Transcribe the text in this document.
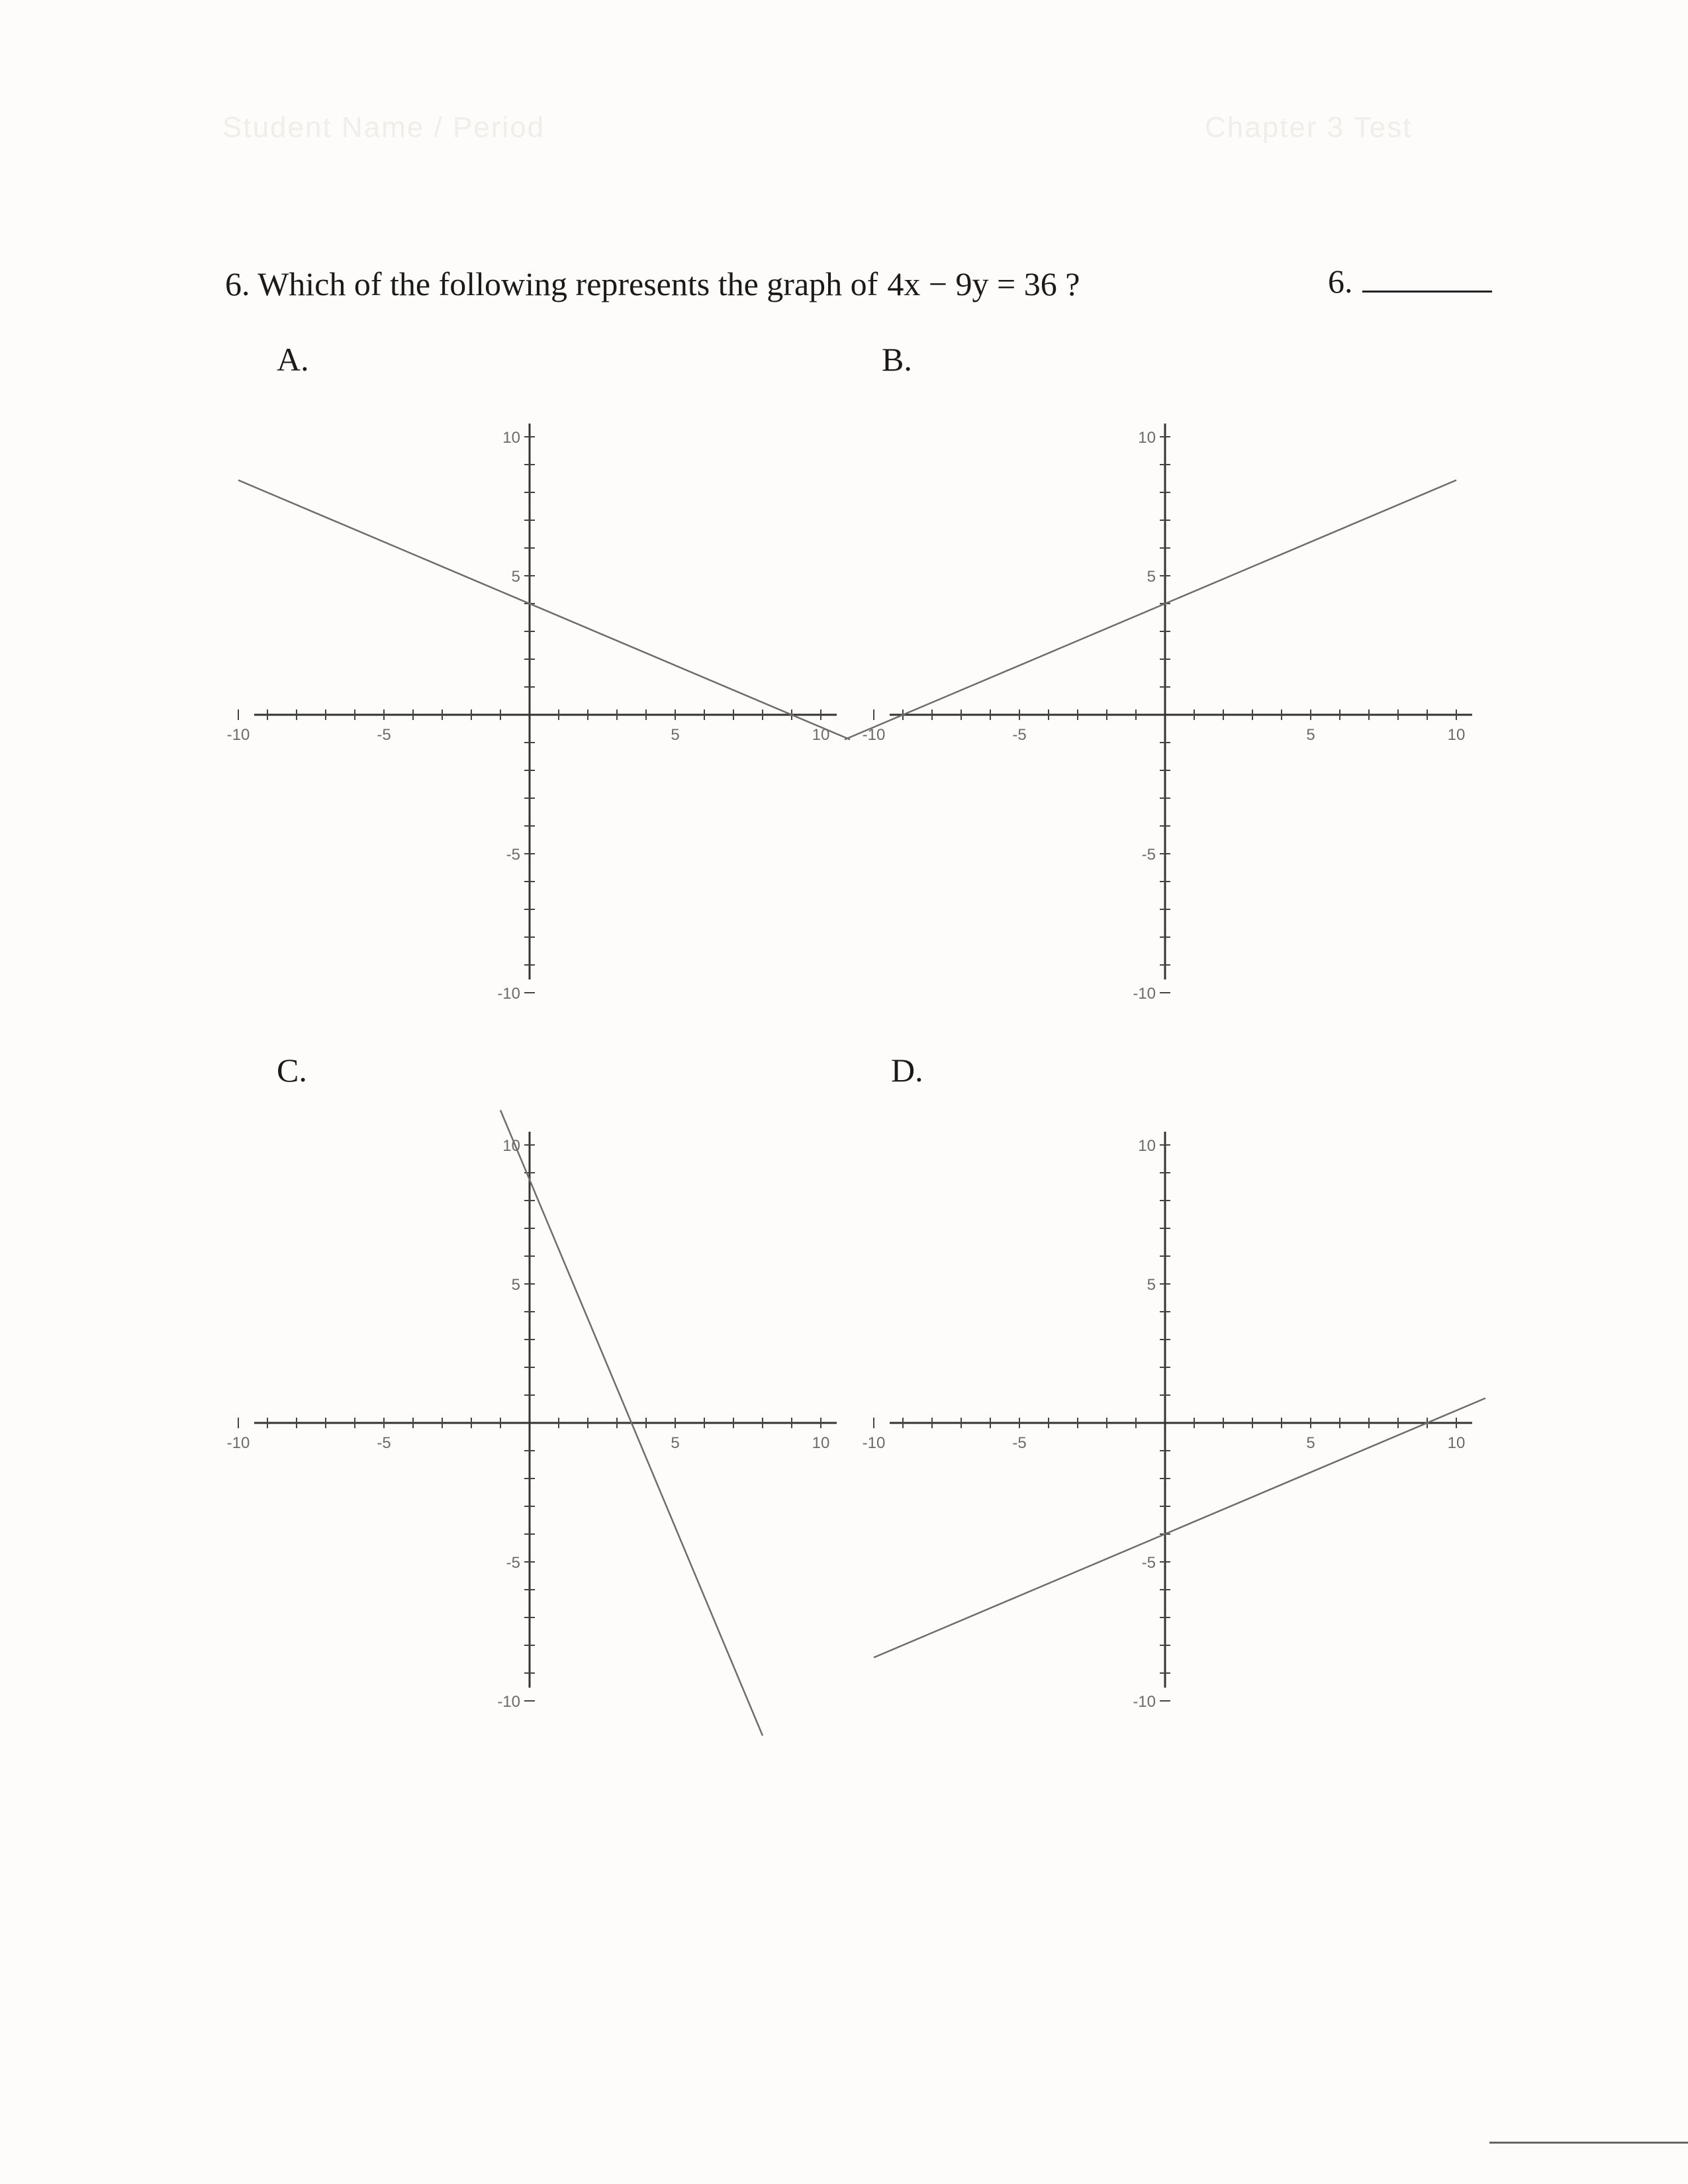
Student Name / Period	Chapter 3 Test
6. Which of the following represents the graph of 4x − 9y = 36 ?	6.
A.	B.
C.	D.
-10	-5	5	10
10
5
-5
-10
-10	-5	5	10
10
5
-5
-10
-10	-5	5	10
10
5
-5
-10
-10	-5	5	10
10
5
-5
-10
